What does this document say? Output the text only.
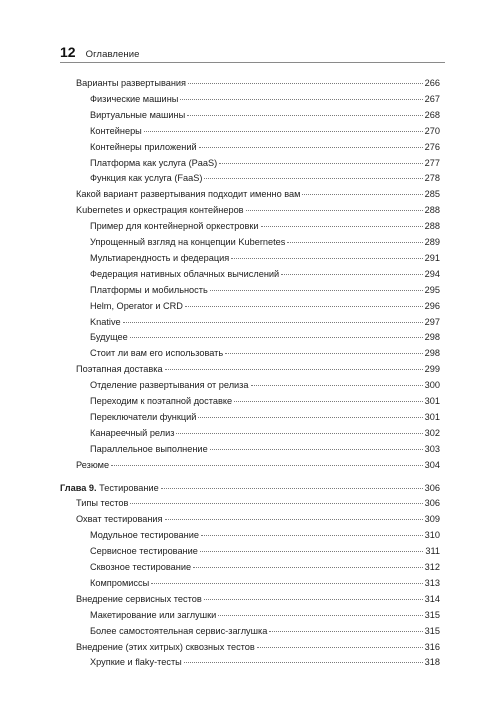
12 Оглавление
Варианты развертывания	266
Физические машины	267
Виртуальные машины	268
Контейнеры	270
Контейнеры приложений	276
Платформа как услуга (PaaS)	277
Функция как услуга (FaaS)	278
Какой вариант развертывания подходит именно вам	285
Kubernetes и оркестрация контейнеров	288
Пример для контейнерной оркестровки	288
Упрощенный взгляд на концепции Kubernetes	289
Мультиарендность и федерация	291
Федерация нативных облачных вычислений	294
Платформы и мобильность	295
Helm, Operator и CRD	296
Knative	297
Будущее	298
Стоит ли вам его использовать	298
Поэтапная доставка	299
Отделение развертывания от релиза	300
Переходим к поэтапной доставке	301
Переключатели функций	301
Канареечный релиз	302
Параллельное выполнение	303
Резюме	304
Глава 9. Тестирование	306
Типы тестов	306
Охват тестирования	309
Модульное тестирование	310
Сервисное тестирование	311
Сквозное тестирование	312
Компромиссы	313
Внедрение сервисных тестов	314
Макетирование или заглушки	315
Более самостоятельная сервис-заглушка	315
Внедрение (этих хитрых) сквозных тестов	316
Хрупкие и flaky-тесты	318
